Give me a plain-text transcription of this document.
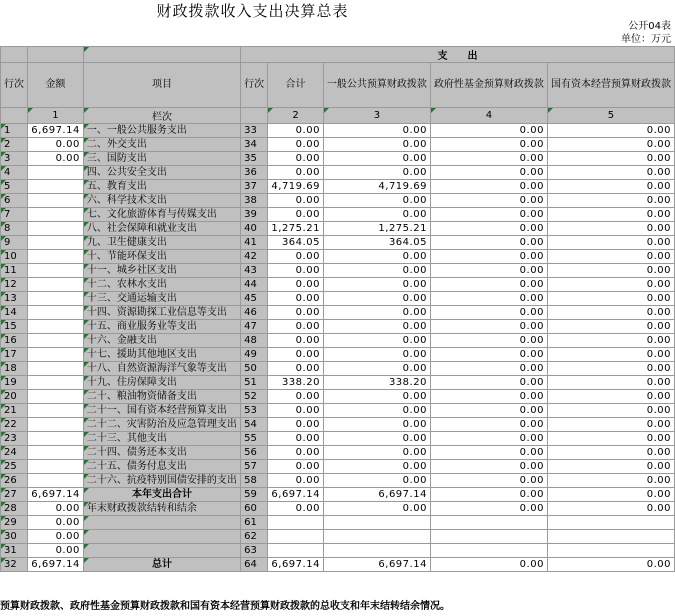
财政拨款收入支出决算总表
公开04表
单位：万元
			支　　出				
行次	金额	项目	行次	合计	一般公共预算财政拨款	政府性基金预算财政拨款	国有资本经营预算财政拨款
	1	栏次		2	3	4	5
1	6,697.14	一、一般公共服务支出	33	0.00	0.00	0.00	0.00
2	0.00	二、外交支出	34	0.00	0.00	0.00	0.00
3	0.00	三、国防支出	35	0.00	0.00	0.00	0.00
4		四、公共安全支出	36	0.00	0.00	0.00	0.00
5		五、教育支出	37	4,719.69	4,719.69	0.00	0.00
6		六、科学技术支出	38	0.00	0.00	0.00	0.00
7		七、文化旅游体育与传媒支出	39	0.00	0.00	0.00	0.00
8		八、社会保障和就业支出	40	1,275.21	1,275.21	0.00	0.00
9		九、卫生健康支出	41	364.05	364.05	0.00	0.00
10		十、节能环保支出	42	0.00	0.00	0.00	0.00
11		十一、城乡社区支出	43	0.00	0.00	0.00	0.00
12		十二、农林水支出	44	0.00	0.00	0.00	0.00
13		十三、交通运输支出	45	0.00	0.00	0.00	0.00
14		十四、资源勘探工业信息等支出	46	0.00	0.00	0.00	0.00
15		十五、商业服务业等支出	47	0.00	0.00	0.00	0.00
16		十六、金融支出	48	0.00	0.00	0.00	0.00
17		十七、援助其他地区支出	49	0.00	0.00	0.00	0.00
18		十八、自然资源海洋气象等支出	50	0.00	0.00	0.00	0.00
19		十九、住房保障支出	51	338.20	338.20	0.00	0.00
20		二十、粮油物资储备支出	52	0.00	0.00	0.00	0.00
21		二十一、国有资本经营预算支出	53	0.00	0.00	0.00	0.00
22		二十二、灾害防治及应急管理支出	54	0.00	0.00	0.00	0.00
23		二十三、其他支出	55	0.00	0.00	0.00	0.00
24		二十四、债务还本支出	56	0.00	0.00	0.00	0.00
25		二十五、债务付息支出	57	0.00	0.00	0.00	0.00
26		二十六、抗疫特别国债安排的支出	58	0.00	0.00	0.00	0.00
27	6,697.14	本年支出合计	59	6,697.14	6,697.14	0.00	0.00
28	0.00	年末财政拨款结转和结余	60	0.00	0.00	0.00	0.00
29	0.00		61				
30	0.00		62				
31	0.00		63				
32	6,697.14	总计	64	6,697.14	6,697.14	0.00	0.00
预算财政拨款、政府性基金预算财政拨款和国有资本经营预算财政拨款的总收支和年末结转结余情况。
